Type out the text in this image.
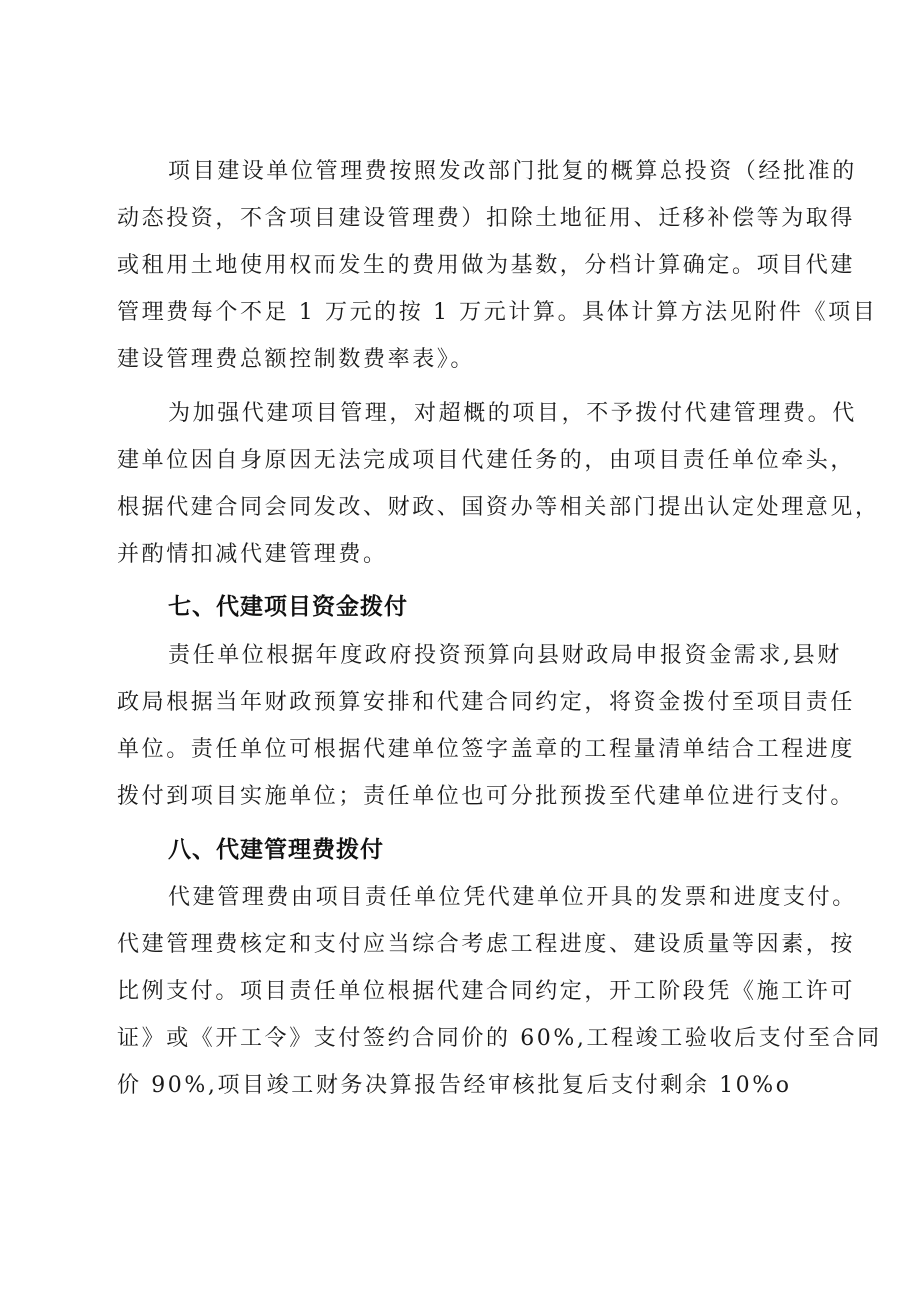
项目建设单位管理费按照发改部门批复的概算总投资（经批准的
动态投资，不含项目建设管理费）扣除土地征用、迁移补偿等为取得
或租用土地使用权而发生的费用做为基数，分档计算确定。项目代建
管理费每个不足 1 万元的按 1 万元计算。具体计算方法见附件《项目
建设管理费总额控制数费率表》。
为加强代建项目管理，对超概的项目，不予拨付代建管理费。代
建单位因自身原因无法完成项目代建任务的，由项目责任单位牵头，
根据代建合同会同发改、财政、国资办等相关部门提出认定处理意见，
并酌情扣减代建管理费。
七、代建项目资金拨付
责任单位根据年度政府投资预算向县财政局申报资金需求,县财
政局根据当年财政预算安排和代建合同约定，将资金拨付至项目责任
单位。责任单位可根据代建单位签字盖章的工程量清单结合工程进度
拨付到项目实施单位；责任单位也可分批预拨至代建单位进行支付。
八、代建管理费拨付
代建管理费由项目责任单位凭代建单位开具的发票和进度支付。
代建管理费核定和支付应当综合考虑工程进度、建设质量等因素，按
比例支付。项目责任单位根据代建合同约定，开工阶段凭《施工许可
证》或《开工令》支付签约合同价的 60%,工程竣工验收后支付至合同
价 90%,项目竣工财务决算报告经审核批复后支付剩余 10%o
